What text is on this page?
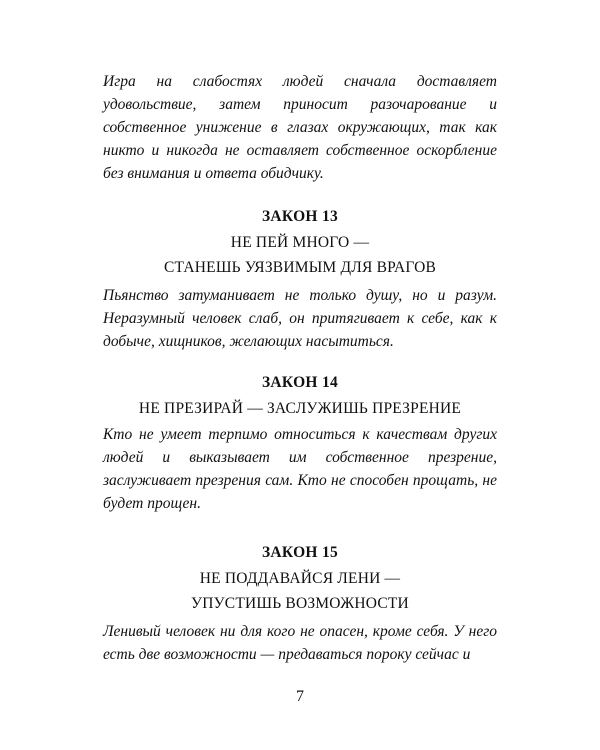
Игра на слабостях людей сначала доставляет удовольствие, затем приносит разочарование и собственное унижение в глазах окружающих, так как никто и никогда не оставляет собственное оскорбление без внимания и ответа обидчику.

ЗАКОН 13

НЕ ПЕЙ МНОГО —

СТАНЕШЬ УЯЗВИМЫМ ДЛЯ ВРАГОВ

Пьянство затуманивает не только душу, но и разум. Неразумный человек слаб, он притягивает к себе, как к добыче, хищников, желающих насытиться.

ЗАКОН 14

НЕ ПРЕЗИРАЙ — ЗАСЛУЖИШЬ ПРЕЗРЕНИЕ

Кто не умеет терпимо относиться к качествам других людей и выказывает им собственное презрение, заслуживает презрения сам. Кто не способен прощать, не будет прощен.

ЗАКОН 15

НЕ ПОДДАВАЙСЯ ЛЕНИ —

УПУСТИШЬ ВОЗМОЖНОСТИ

Ленивый человек ни для кого не опасен, кроме себя. У него есть две возможности — предаваться пороку сейчас и

7
